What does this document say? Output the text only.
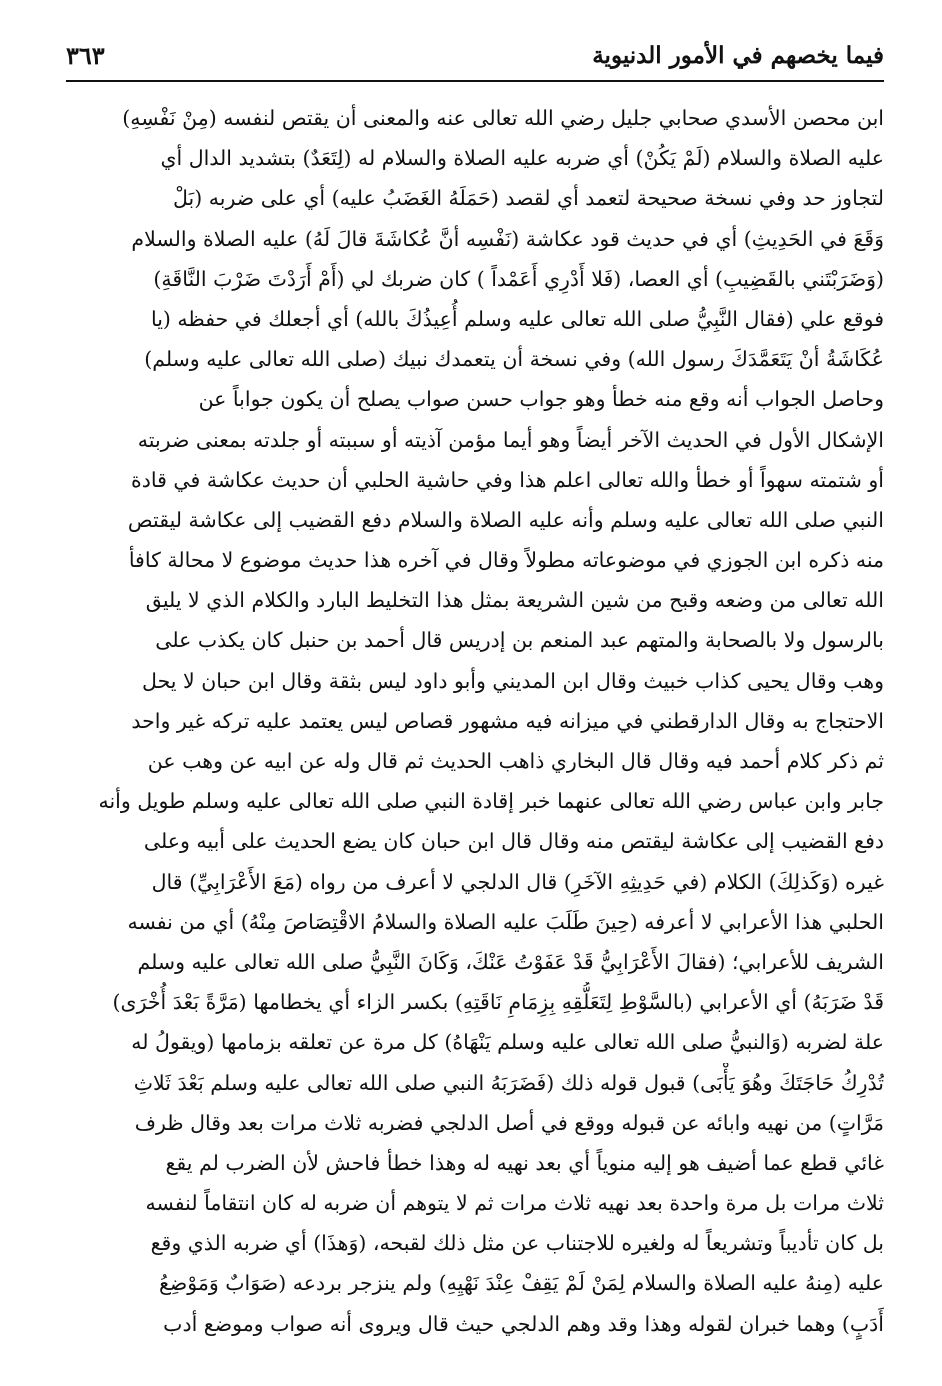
فيما يخصهم في الأمور الدنيوية
٣٦٣
ابن محصن الأسدي صحابي جليل رضي الله تعالى عنه والمعنى أن يقتص لنفسه (مِنْ نَفْسِهِ)
عليه الصلاة والسلام (لَمْ يَكُنْ) أي ضربه عليه الصلاة والسلام له (لِتَعَدٌ) بتشديد الدال أي
لتجاوز حد وفي نسخة صحيحة لتعمد أي لقصد (حَمَلَهُ الغَضَبُ عليه) أي على ضربه (بَلْ
وَقَعَ في الحَدِيثِ) أي في حديث قود عكاشة (نَفْسِه أنَّ عُكاشَةَ قالَ لَهُ) عليه الصلاة والسلام
(وَضَرَبْتَني بالقَضِيبِ) أي العصا، (فَلا أَدْرِي أَعَمْداً ) كان ضربك لي (أَمْ أَرَدْتَ ضَرْبَ النَّاقَةِ)
فوقع علي (فقال النَّبِيُّ صلى الله تعالى عليه وسلم أُعِيذُكَ بالله) أي أجعلك في حفظه (يا
عُكَاشَةُ أنْ يَتَعَمَّدَكَ رسول الله) وفي نسخة أن يتعمدك نبيك (صلى الله تعالى عليه وسلم)
وحاصل الجواب أنه وقع منه خطأ وهو جواب حسن صواب يصلح أن يكون جواباً عن
الإشكال الأول في الحديث الآخر أيضاً وهو أيما مؤمن آذيته أو سببته أو جلدته بمعنى ضربته
أو شتمته سهواً أو خطأ والله تعالى اعلم هذا وفي حاشية الحلبي أن حديث عكاشة في قادة
النبي صلى الله تعالى عليه وسلم وأنه عليه الصلاة والسلام دفع القضيب إلى عكاشة ليقتص
منه ذكره ابن الجوزي في موضوعاته مطولاً وقال في آخره هذا حديث موضوع لا محالة كافأ
الله تعالى من وضعه وقبح من شين الشريعة بمثل هذا التخليط البارد والكلام الذي لا يليق
بالرسول ولا بالصحابة والمتهم عبد المنعم بن إدريس قال أحمد بن حنبل كان يكذب على
وهب وقال يحيى كذاب خبيث وقال ابن المديني وأبو داود ليس بثقة وقال ابن حبان لا يحل
الاحتجاج به وقال الدارقطني في ميزانه فيه مشهور قصاص ليس يعتمد عليه تركه غير واحد
ثم ذكر كلام أحمد فيه وقال قال البخاري ذاهب الحديث ثم قال وله عن ابيه عن وهب عن
جابر وابن عباس رضي الله تعالى عنهما خبر إقادة النبي صلى الله تعالى عليه وسلم طويل وأنه
دفع القضيب إلى عكاشة ليقتص منه وقال قال ابن حبان كان يضع الحديث على أبيه وعلى
غيره (وَكَذلِكَ) الكلام (في حَدِيثِهِ الآخَرِ) قال الدلجي لا أعرف من رواه (مَعَ الأَعْرَابِيِّ) قال
الحلبي هذا الأعرابي لا أعرفه (حِينَ طَلَبَ عليه الصلاة والسلامُ الاقْتِصَاصَ مِنْهُ) أي من نفسه
الشريف للأعرابي؛ (فقالَ الأَعْرَابِيُّ قَدْ عَفَوْتُ عَنْكَ، وَكَانَ النَّبِيُّ صلى الله تعالى عليه وسلم
قَدْ ضَرَبَهُ) أي الأعرابي (بالسَّوْطِ لِتَعَلُّقِهِ بِزِمَامِ نَاقَتِهِ) بكسر الزاء أي يخطامها (مَرَّةً بَعْدَ أُخْرَى)
علة لضربه (وَالنبيُّ صلى الله تعالى عليه وسلم يَنْهَاهُ) كل مرة عن تعلقه بزمامها (ويقولُ له
تُدْرِكُ حَاجَتَكَ وهُوَ يَأْبَى) قبول قوله ذلك (فَضَرَبَهُ النبي صلى الله تعالى عليه وسلم بَعْدَ ثَلاثِ
مَرَّاتٍ) من نهيه وابائه عن قبوله ووقع في أصل الدلجي فضربه ثلاث مرات بعد وقال ظرف
غائي قطع عما أضيف هو إليه منوياً أي بعد نهيه له وهذا خطأ فاحش لأن الضرب لم يقع
ثلاث مرات بل مرة واحدة بعد نهيه ثلاث مرات ثم لا يتوهم أن ضربه له كان انتقاماً لنفسه
بل كان تأديباً وتشريعاً له ولغيره للاجتناب عن مثل ذلك لقبحه، (وَهذَا) أي ضربه الذي وقع
عليه (مِنهُ عليه الصلاة والسلام لِمَنْ لَمْ يَقِفْ عِنْدَ نَهْيِهِ) ولم ينزجر بردعه (صَوَابٌ وَمَوْضِعُ
أَدَبٍ) وهما خبران لقوله وهذا وقد وهم الدلجي حيث قال ويروى أنه صواب وموضع أدب
